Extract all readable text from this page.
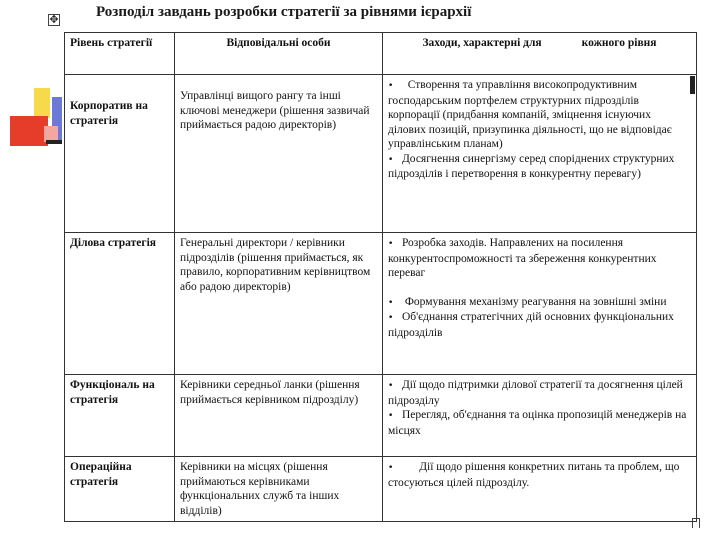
✥ Розподіл завдань розробки стратегії за рівнями ієрархії
Рівень стратегії	Відповідальні особи	Заходи, характерні для кожного рівня
Корпоратив на стратегія	Управлінці вищого рангу та інші ключові менеджери (рішення зазвичай приймається радою директорів)	• Створення та управління високопродуктивним господарським портфелем структурних підрозділів корпорації (придбання компаній, зміцнення існуючих ділових позицій, призупинка діяльності, що не відповідає управлінським планам)

• Досягнення синергізму серед споріднених структурних підрозділів і перетворення в конкурентну перевагу)

Ділова стратегія	Генеральні директори / керівники підрозділів (рішення приймається, як правило, корпоративним керівництвом або радою директорів)	• Розробка заходів. Направлених на посилення конкурентоспроможності та збереження конкурентних переваг

• Формування механізму реагування на зовнішні зміни

• Об'єднання стратегічних дій основних функціональних підрозділів

Функціональ на стратегія	Керівники середньої ланки (рішення приймається керівником підрозділу)	• Дії щодо підтримки ділової стратегії та досягнення цілей підрозділу

• Перегляд, об'єднання та оцінка пропозицій менеджерів на місцях

Операційна стратегія	Керівники на місцях (рішення приймаються керівниками функціональних служб та інших відділів)	• Дії щодо рішення конкретних питань та проблем, що стосуються цілей підрозділу.
